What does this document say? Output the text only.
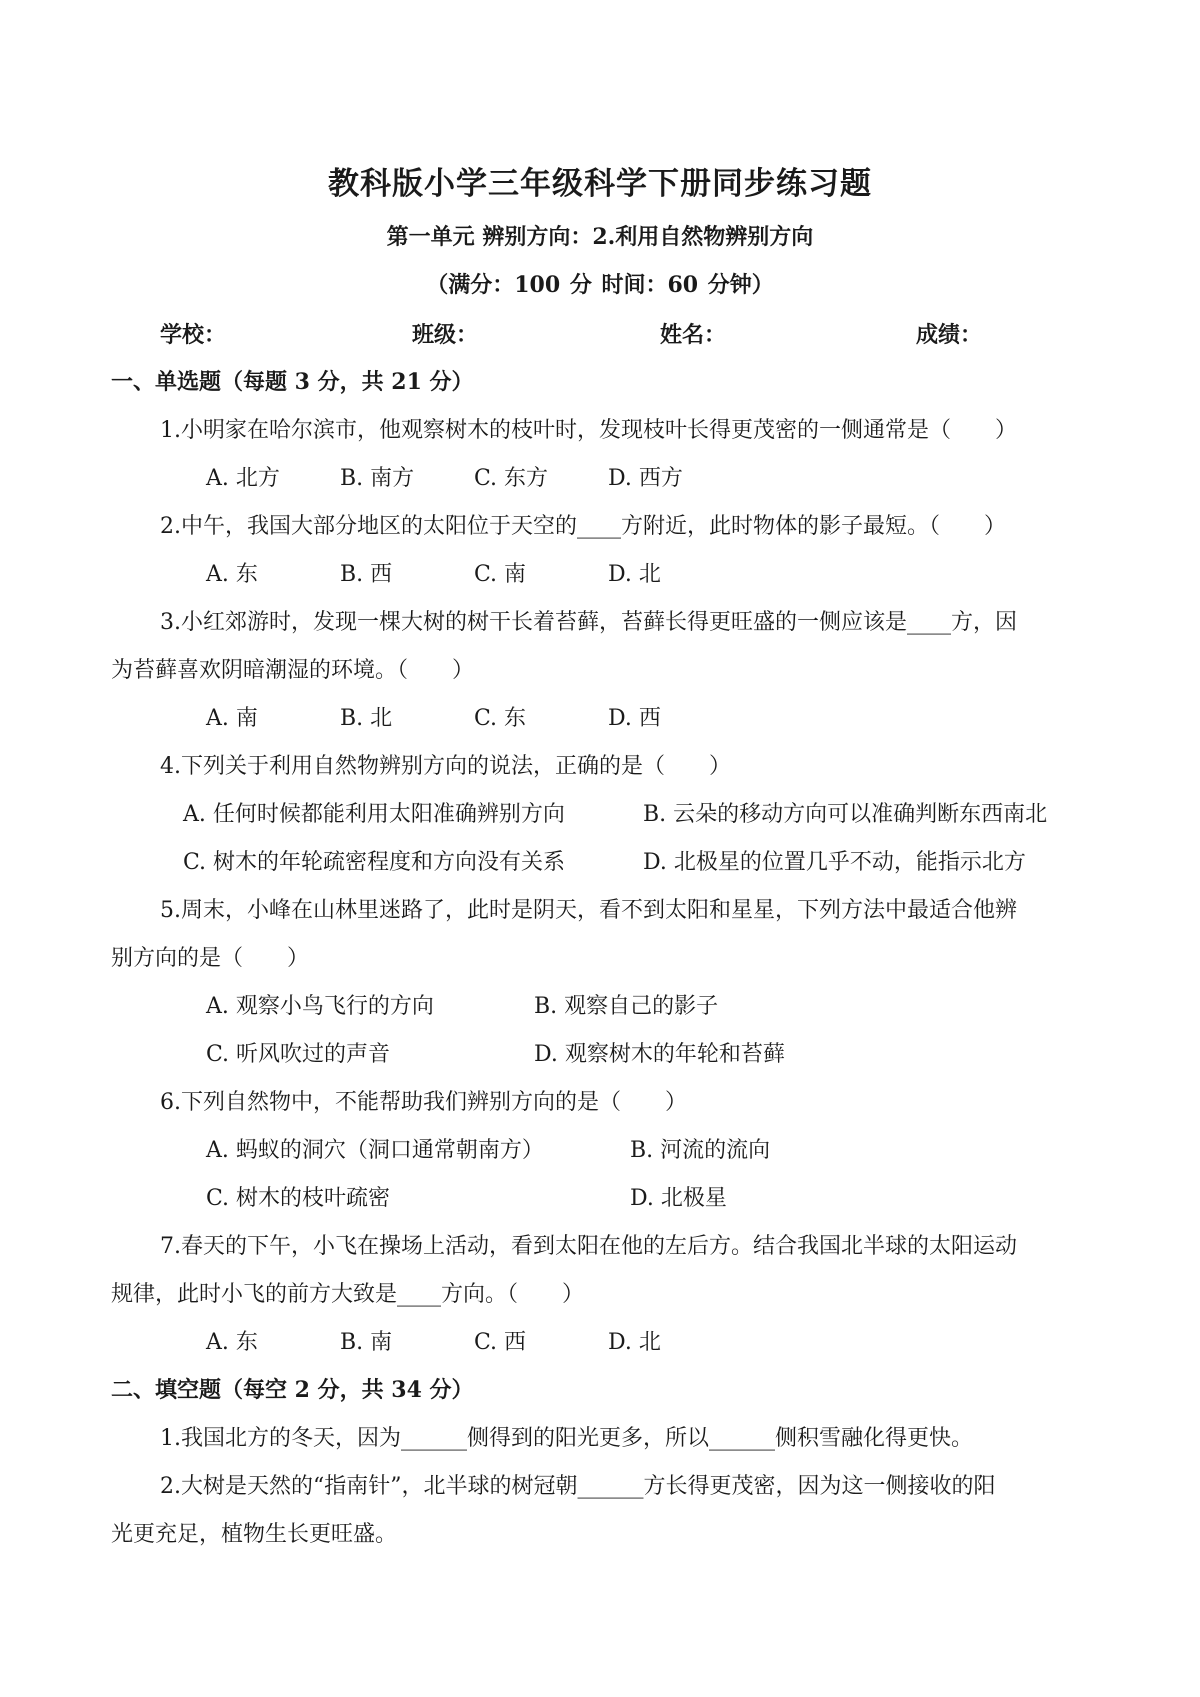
教科版小学三年级科学下册同步练习题
第一单元 辨别方向：2.利用自然物辨别方向
（满分：100 分 时间：60 分钟）
学校：	班级：	姓名：	成绩：
一、单选题（每题 3 分，共 21 分）
1.小明家在哈尔滨市，他观察树木的枝叶时，发现枝叶长得更茂密的一侧通常是（　　）
A. 北方	B. 南方	C. 东方	D. 西方
2.中午，我国大部分地区的太阳位于天空的____方附近，此时物体的影子最短。（　　）
A. 东	B. 西	C. 南	D. 北
3.小红郊游时，发现一棵大树的树干长着苔藓，苔藓长得更旺盛的一侧应该是____方，因
为苔藓喜欢阴暗潮湿的环境。（　　）
A. 南	B. 北	C. 东	D. 西
4.下列关于利用自然物辨别方向的说法，正确的是（　　）
A. 任何时候都能利用太阳准确辨别方向	B. 云朵的移动方向可以准确判断东西南北
C. 树木的年轮疏密程度和方向没有关系	D. 北极星的位置几乎不动，能指示北方
5.周末，小峰在山林里迷路了，此时是阴天，看不到太阳和星星，下列方法中最适合他辨
别方向的是（　　）
A. 观察小鸟飞行的方向	B. 观察自己的影子
C. 听风吹过的声音	D. 观察树木的年轮和苔藓
6.下列自然物中，不能帮助我们辨别方向的是（　　）
A. 蚂蚁的洞穴（洞口通常朝南方）	B. 河流的流向
C. 树木的枝叶疏密	D. 北极星
7.春天的下午，小飞在操场上活动，看到太阳在他的左后方。结合我国北半球的太阳运动
规律，此时小飞的前方大致是____方向。（　　）
A. 东	B. 南	C. 西	D. 北
二、填空题（每空 2 分，共 34 分）
1.我国北方的冬天，因为______侧得到的阳光更多，所以______侧积雪融化得更快。
2.大树是天然的“指南针”，北半球的树冠朝______方长得更茂密，因为这一侧接收的阳
光更充足，植物生长更旺盛。
